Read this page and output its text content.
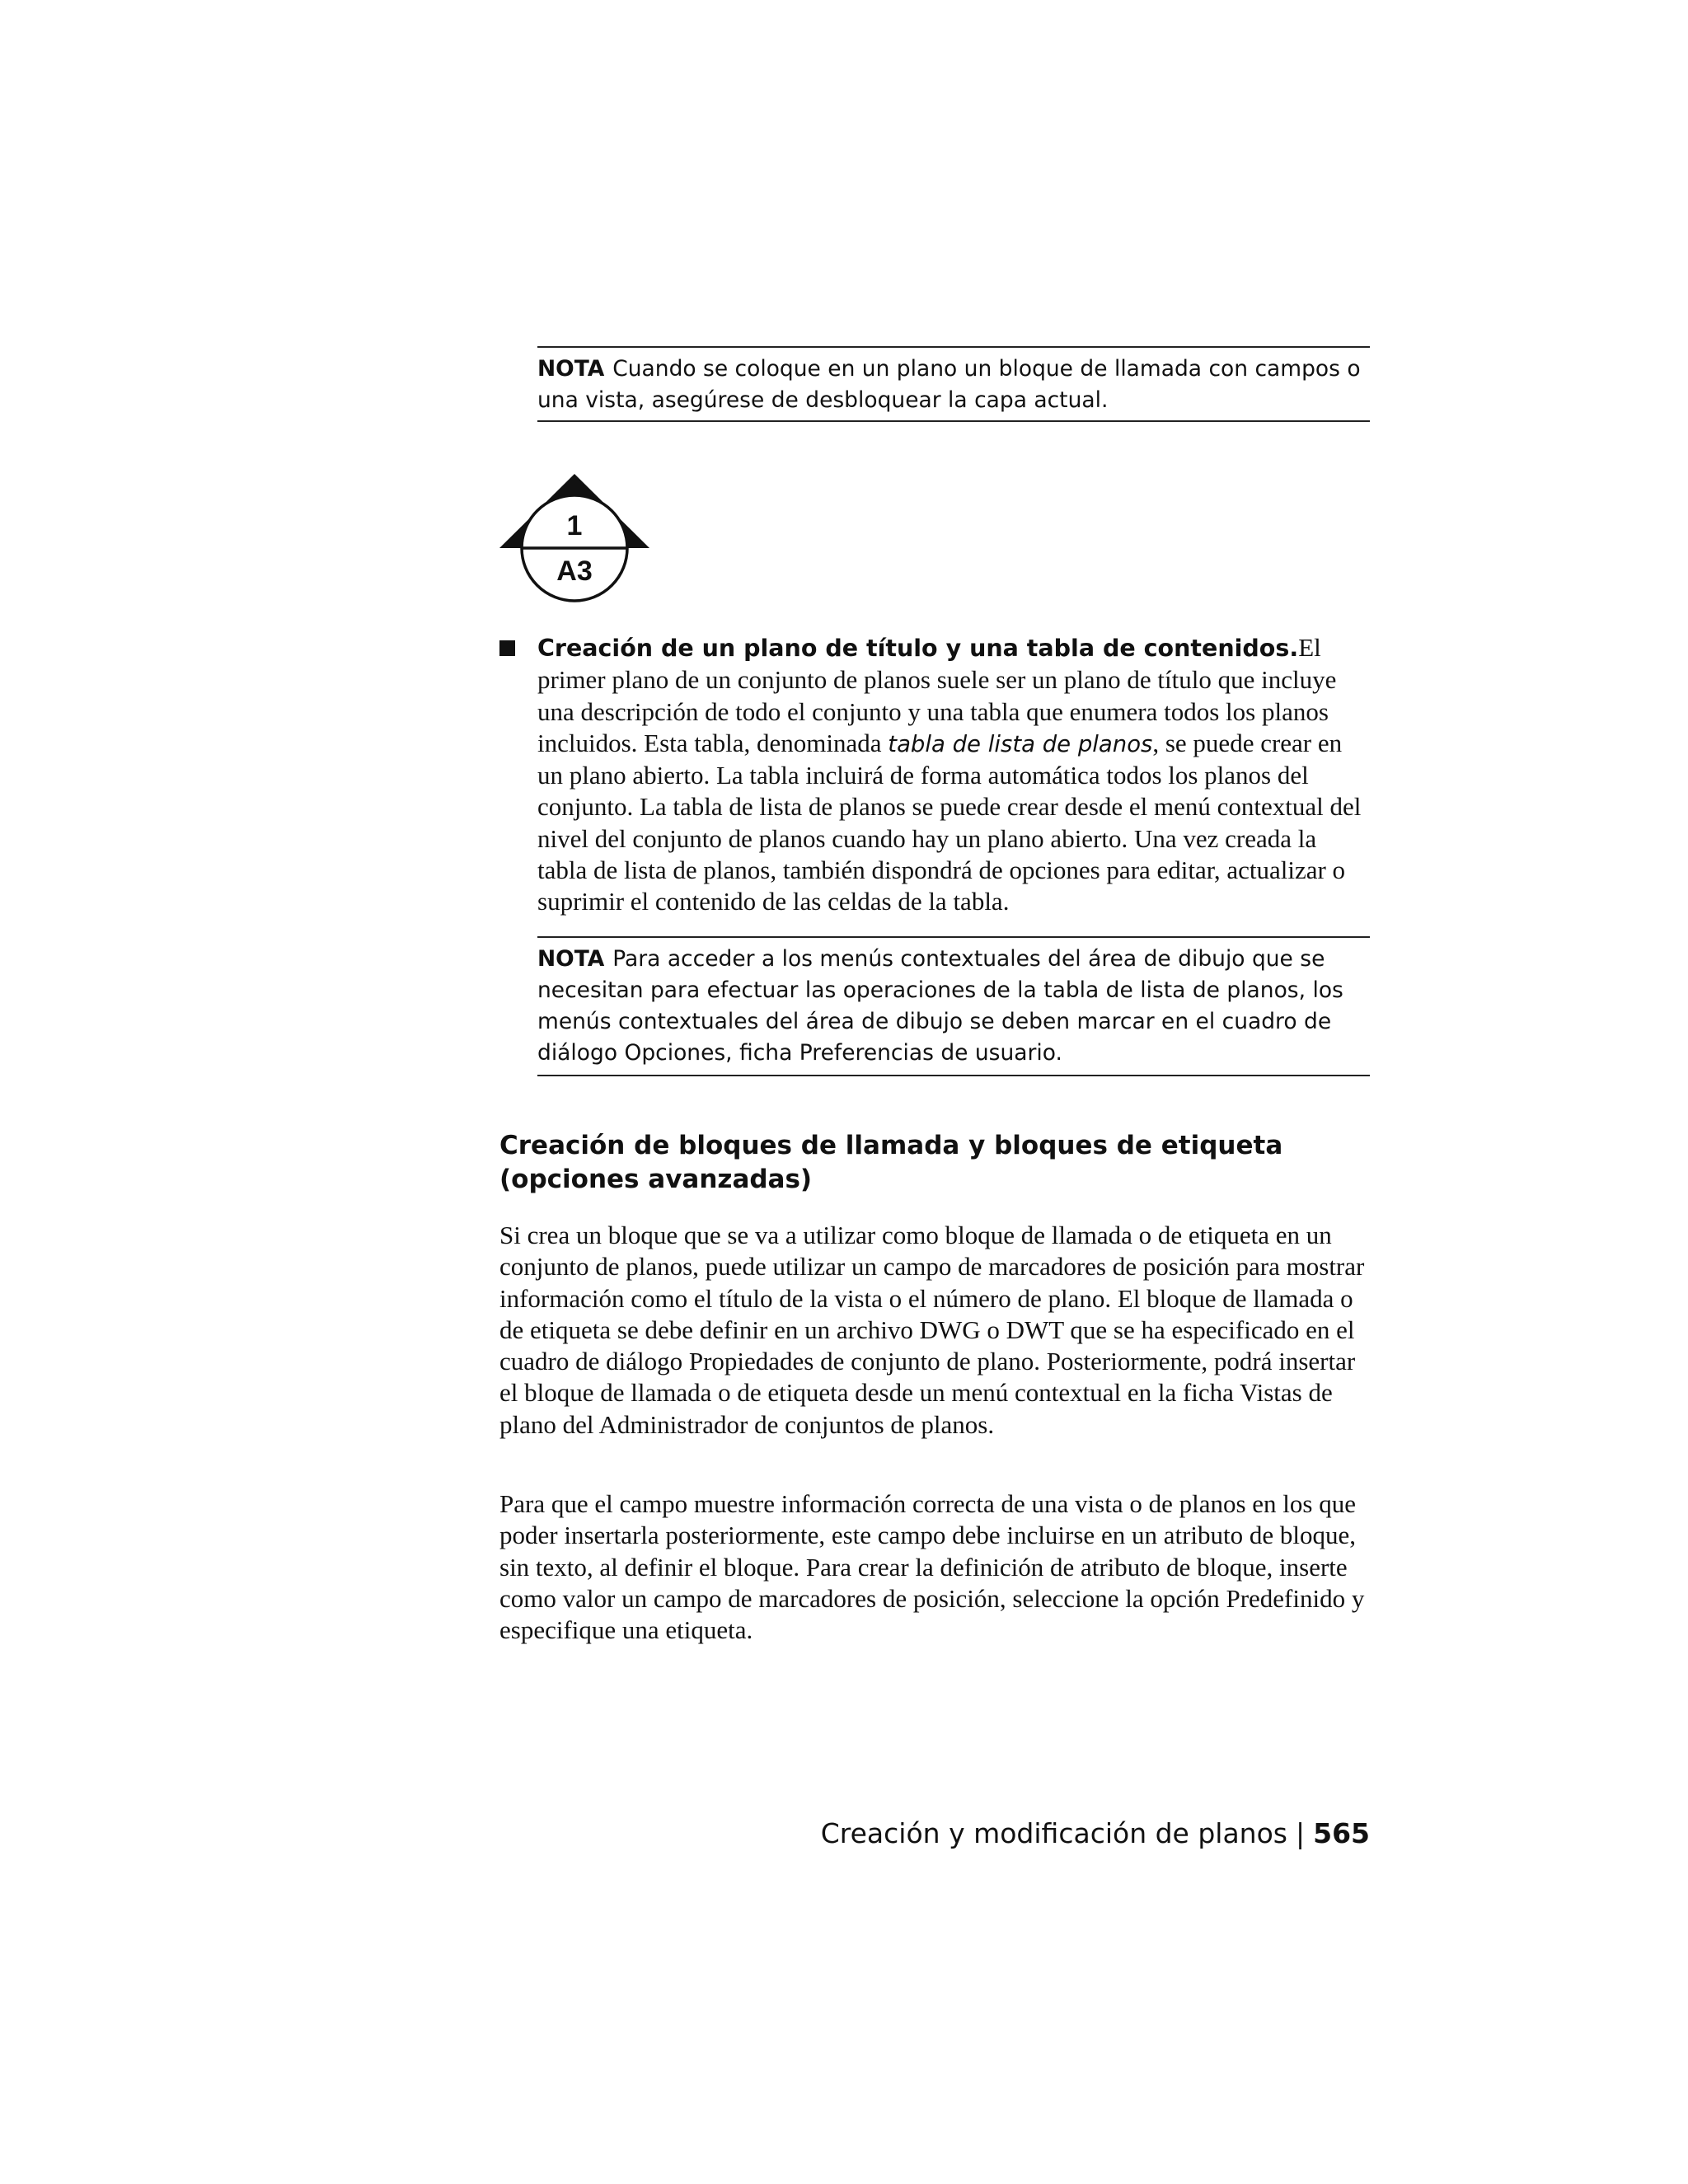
NOTA Cuando se coloque en un plano un bloque de llamada con campos o una vista, asegúrese de desbloquear la capa actual.
1
A3
Creación de un plano de título y una tabla de contenidos.El primer plano de un conjunto de planos suele ser un plano de título que incluye una descripción de todo el conjunto y una tabla que enumera todos los planos incluidos. Esta tabla, denominada tabla de lista de planos, se puede crear en un plano abierto. La tabla incluirá de forma automática todos los planos del conjunto. La tabla de lista de planos se puede crear desde el menú contextual del nivel del conjunto de planos cuando hay un plano abierto. Una vez creada la tabla de lista de planos, también dispondrá de opciones para editar, actualizar o suprimir el contenido de las celdas de la tabla.
NOTA Para acceder a los menús contextuales del área de dibujo que se necesitan para efectuar las operaciones de la tabla de lista de planos, los menús contextuales del área de dibujo se deben marcar en el cuadro de diálogo Opciones, ficha Preferencias de usuario.
Creación de bloques de llamada y bloques de etiqueta (opciones avanzadas)
Si crea un bloque que se va a utilizar como bloque de llamada o de etiqueta en un conjunto de planos, puede utilizar un campo de marcadores de posición para mostrar información como el título de la vista o el número de plano. El bloque de llamada o de etiqueta se debe definir en un archivo DWG o DWT que se ha especificado en el cuadro de diálogo Propiedades de conjunto de plano. Posteriormente, podrá insertar el bloque de llamada o de etiqueta desde un menú contextual en la ficha Vistas de plano del Administrador de conjuntos de planos.
Para que el campo muestre información correcta de una vista o de planos en los que poder insertarla posteriormente, este campo debe incluirse en un atributo de bloque, sin texto, al definir el bloque. Para crear la definición de atributo de bloque, inserte como valor un campo de marcadores de posición, seleccione la opción Predefinido y especifique una etiqueta.
Creación y modificación de planos | 565
